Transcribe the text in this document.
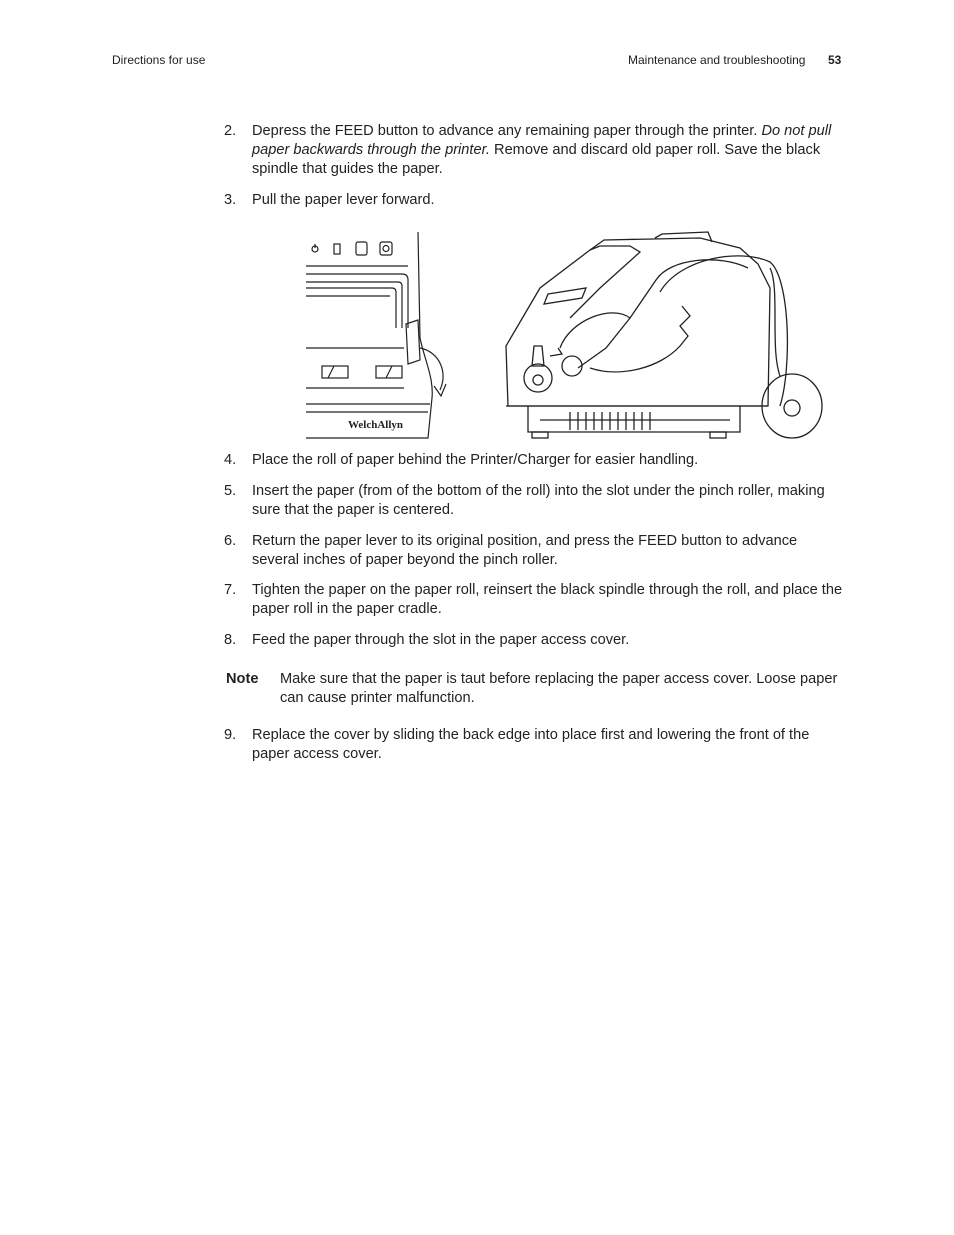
Directions for use	Maintenance and troubleshooting 53
2. Depress the FEED button to advance any remaining paper through the printer. Do not pull paper backwards through the printer. Remove and discard old paper roll. Save the black spindle that guides the paper.
3. Pull the paper lever forward.
WelchAllyn
4. Place the roll of paper behind the Printer/Charger for easier handling.
5. Insert the paper (from of the bottom of the roll) into the slot under the pinch roller, making sure that the paper is centered.
6. Return the paper lever to its original position, and press the FEED button to advance several inches of paper beyond the pinch roller.
7. Tighten the paper on the paper roll, reinsert the black spindle through the roll, and place the paper roll in the paper cradle.
8. Feed the paper through the slot in the paper access cover.
Note Make sure that the paper is taut before replacing the paper access cover. Loose paper can cause printer malfunction.
9. Replace the cover by sliding the back edge into place first and lowering the front of the paper access cover.
